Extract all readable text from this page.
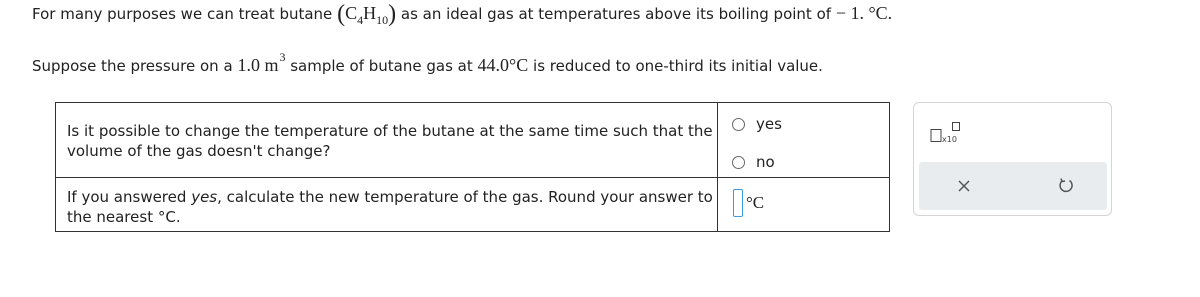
For many purposes we can treat butane $(C_4H_{10})$ as an ideal gas at temperatures above its boiling point of − 1. °C.
Suppose the pressure on a 1.0 $m^3$ sample of butane gas at 44.0°C is reduced to one-third its initial value.
Is it possible to change the temperature of the butane at the same time such that the volume of the gas doesn't change?	yes
no

If you answered yes, calculate the new temperature of the gas. Round your answer to the nearest °C.	°C
x10
